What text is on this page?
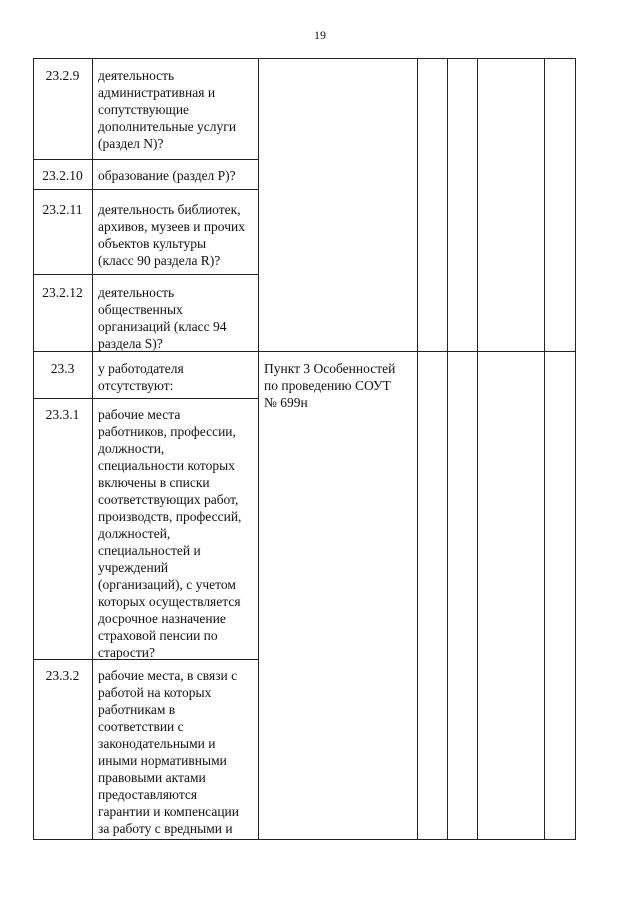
19
23.2.9
23.2.10
23.2.11
23.2.12
23.3
23.3.1
23.3.2
деятельность
административная и
сопутствующие
дополнительные услуги
(раздел N)?
образование (раздел P)?
деятельность библиотек,
архивов, музеев и прочих
объектов культуры
(класс 90 раздела R)?
деятельность
общественных
организаций (класс 94
раздела S)?
у работодателя
отсутствуют:
рабочие места
работников, профессии,
должности,
специальности которых
включены в списки
соответствующих работ,
производств, профессий,
должностей,
специальностей и
учреждений
(организаций), с учетом
которых осуществляется
досрочное назначение
страховой пенсии по
старости?
рабочие места, в связи с
работой на которых
работникам в
соответствии с
законодательными и
иными нормативными
правовыми актами
предоставляются
гарантии и компенсации
за работу с вредными и
Пункт 3 Особенностей
по проведению СОУТ
№ 699н
